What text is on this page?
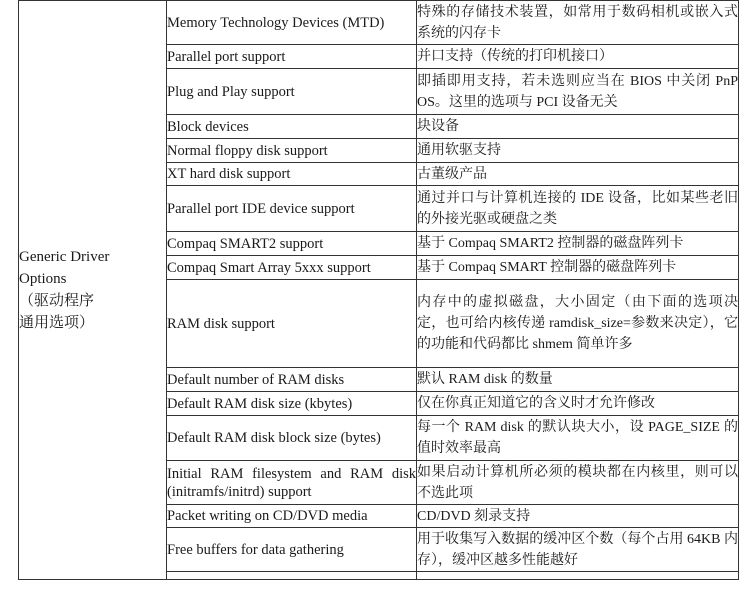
Generic Driver
Options
（驱动程序
通用选项）	Memory Technology Devices (MTD)	特殊的存储技术装置，如常用于数码相机或嵌入式系统的闪存卡
	Parallel port support	并口支持（传统的打印机接口）
	Plug and Play support	即插即用支持，若未选则应当在 BIOS 中关闭 PnP OS。这里的选项与 PCI 设备无关
	Block devices	块设备
	Normal floppy disk support	通用软驱支持
	XT hard disk support	古董级产品
	Parallel port IDE device support	通过并口与计算机连接的 IDE 设备，比如某些老旧的外接光驱或硬盘之类
	Compaq SMART2 support	基于 Compaq SMART2 控制器的磁盘阵列卡
	Compaq Smart Array 5xxx support	基于 Compaq SMART 控制器的磁盘阵列卡
	RAM disk support	内存中的虚拟磁盘，大小固定（由下面的选项决定，也可给内核传递 ramdisk_size=参数来决定），它的功能和代码都比 shmem 简单许多
	Default number of RAM disks	默认 RAM disk 的数量
	Default RAM disk size (kbytes)	仅在你真正知道它的含义时才允许修改
	Default RAM disk block size (bytes)	每一个 RAM disk 的默认块大小，设 PAGE_SIZE 的值时效率最高
	Initial RAM filesystem and RAM disk (initramfs/initrd) support	如果启动计算机所必须的模块都在内核里，则可以不选此项
	Packet writing on CD/DVD media	CD/DVD 刻录支持
	Free buffers for data gathering	用于收集写入数据的缓冲区个数（每个占用 64KB 内存），缓冲区越多性能越好
